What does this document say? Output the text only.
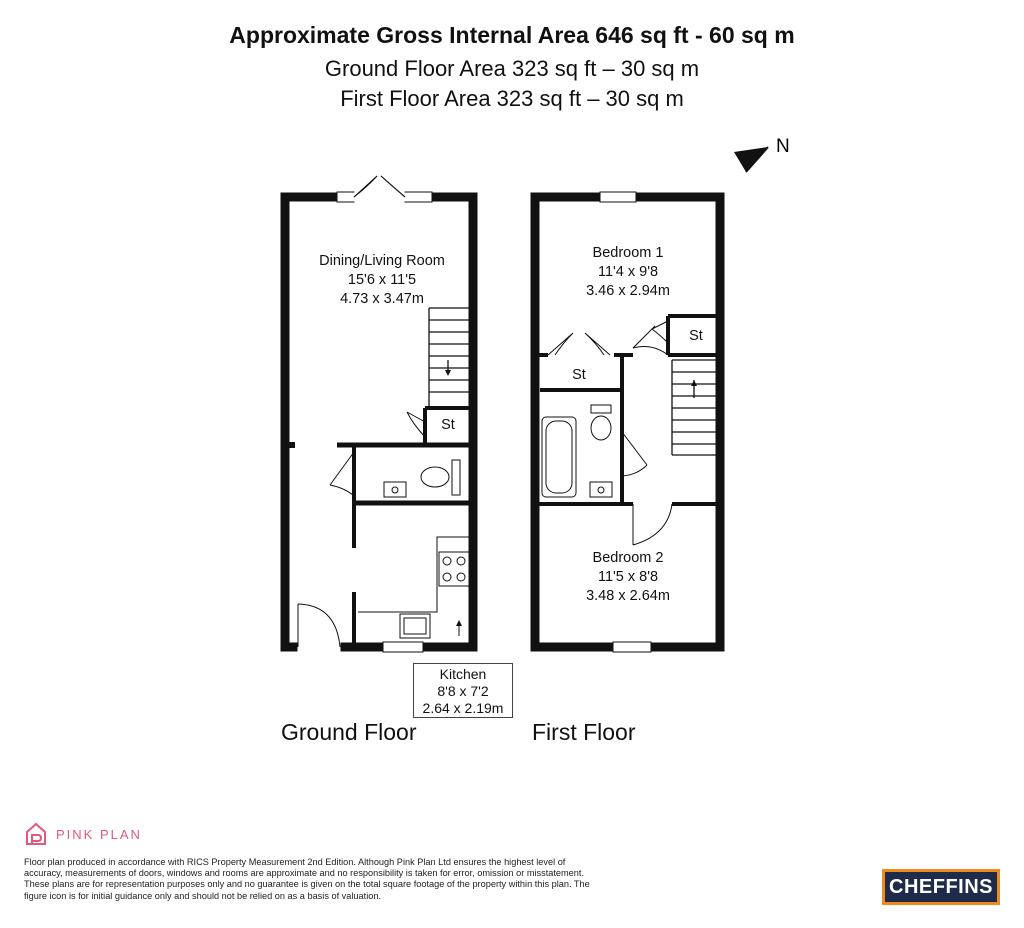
Approximate Gross Internal Area 646 sq ft - 60 sq m
Ground Floor Area 323 sq ft – 30 sq m
First Floor Area 323 sq ft – 30 sq m
N
Dining/Living Room
15'6 x 11'5
4.73 x 3.47m
St
Bedroom 1
11'4 x 9'8
3.46 x 2.94m
St
St
Bedroom 2
11'5 x 8'8
3.48 x 2.64m
Kitchen
8'8 x 7'2
2.64 x 2.19m
Ground Floor	First Floor
PINK PLAN
Floor plan produced in accordance with RICS Property Measurement 2nd Edition. Although Pink Plan Ltd ensures the highest level of accuracy, measurements of doors, windows and rooms are approximate and no responsibility is taken for error, omission or misstatement. These plans are for representation purposes only and no guarantee is given on the total square footage of the property within this plan. The figure icon is for initial guidance only and should not be relied on as a basis of valuation.	CHEFFINS
